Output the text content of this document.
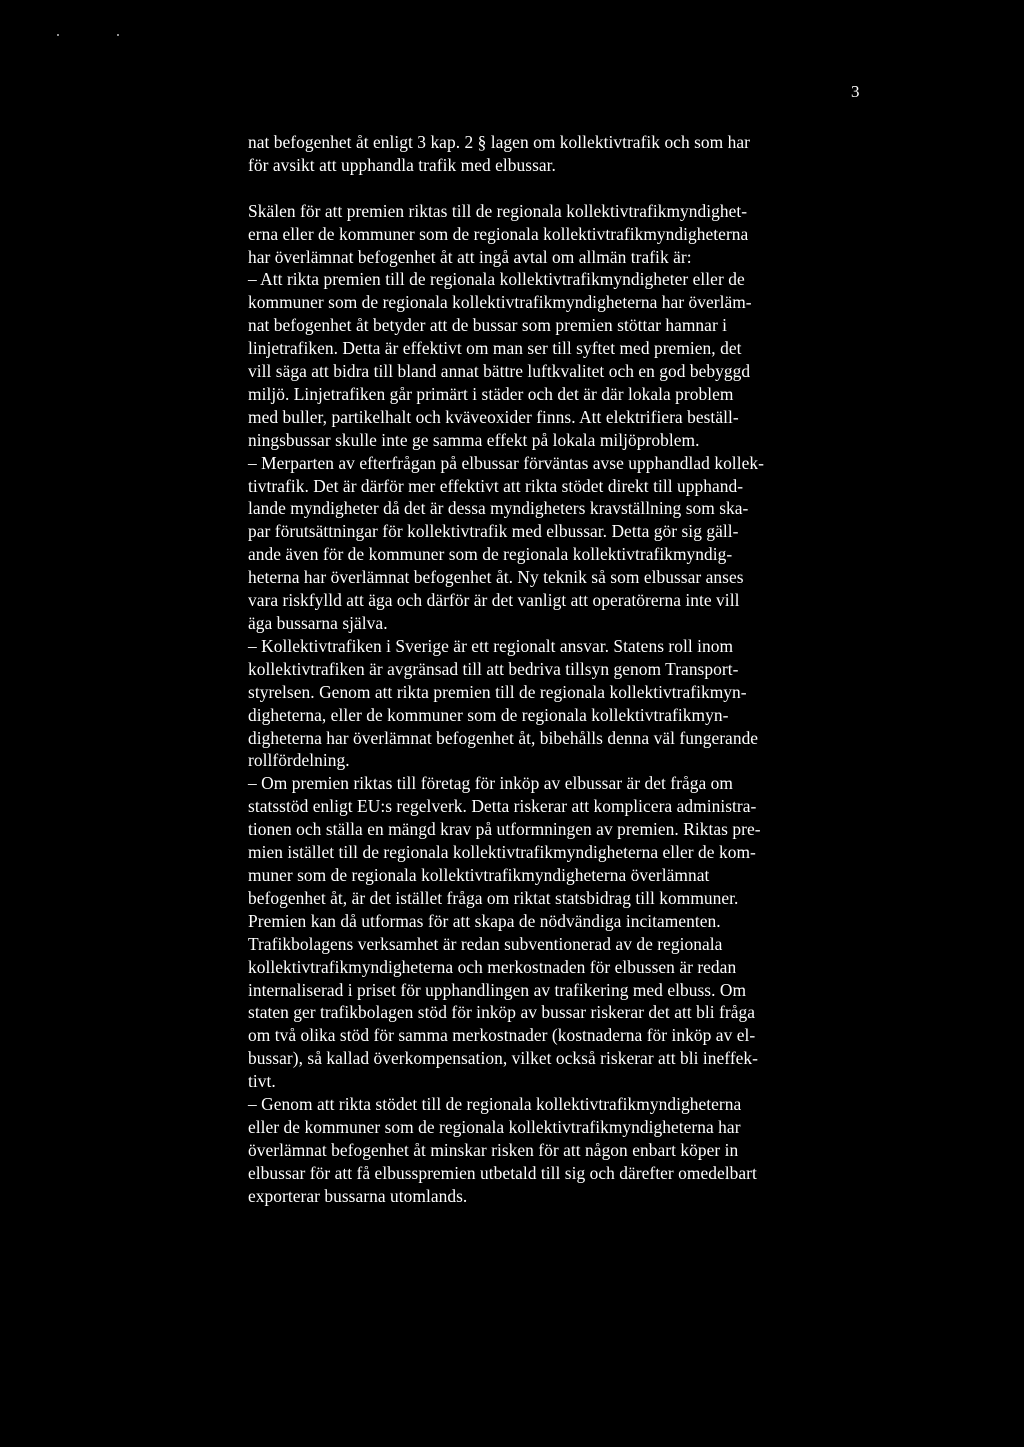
3

nat befogenhet åt enligt 3 kap. 2 § lagen om kollektivtrafik och som har
för avsikt att upphandla trafik med elbussar.

Skälen för att premien riktas till de regionala kollektivtrafikmyndighet-
erna eller de kommuner som de regionala kollektivtrafikmyndigheterna
har överlämnat befogenhet åt att ingå avtal om allmän trafik är:

– Att rikta premien till de regionala kollektivtrafikmyndigheter eller de
kommuner som de regionala kollektivtrafikmyndigheterna har överläm-
nat befogenhet åt betyder att de bussar som premien stöttar hamnar i
linjetrafiken. Detta är effektivt om man ser till syftet med premien, det
vill säga att bidra till bland annat bättre luftkvalitet och en god bebyggd
miljö. Linjetrafiken går primärt i städer och det är där lokala problem
med buller, partikelhalt och kväveoxider finns. Att elektrifiera beställ-
ningsbussar skulle inte ge samma effekt på lokala miljöproblem.

– Merparten av efterfrågan på elbussar förväntas avse upphandlad kollek-
tivtrafik. Det är därför mer effektivt att rikta stödet direkt till upphand-
lande myndigheter då det är dessa myndigheters kravställning som ska-
par förutsättningar för kollektivtrafik med elbussar. Detta gör sig gäll-
ande även för de kommuner som de regionala kollektivtrafikmyndig-
heterna har överlämnat befogenhet åt. Ny teknik så som elbussar anses
vara riskfylld att äga och därför är det vanligt att operatörerna inte vill
äga bussarna själva.

– Kollektivtrafiken i Sverige är ett regionalt ansvar. Statens roll inom
kollektivtrafiken är avgränsad till att bedriva tillsyn genom Transport-
styrelsen. Genom att rikta premien till de regionala kollektivtrafikmyn-
digheterna, eller de kommuner som de regionala kollektivtrafikmyn-
digheterna har överlämnat befogenhet åt, bibehålls denna väl fungerande
rollfördelning.

– Om premien riktas till företag för inköp av elbussar är det fråga om
statsstöd enligt EU:s regelverk. Detta riskerar att komplicera administra-
tionen och ställa en mängd krav på utformningen av premien. Riktas pre-
mien istället till de regionala kollektivtrafikmyndigheterna eller de kom-
muner som de regionala kollektivtrafikmyndigheterna överlämnat
befogenhet åt, är det istället fråga om riktat statsbidrag till kommuner.
Premien kan då utformas för att skapa de nödvändiga incitamenten.
Trafikbolagens verksamhet är redan subventionerad av de regionala
kollektivtrafikmyndigheterna och merkostnaden för elbussen är redan
internaliserad i priset för upphandlingen av trafikering med elbuss. Om
staten ger trafikbolagen stöd för inköp av bussar riskerar det att bli fråga
om två olika stöd för samma merkostnader (kostnaderna för inköp av el-
bussar), så kallad överkompensation, vilket också riskerar att bli ineffek-
tivt.

– Genom att rikta stödet till de regionala kollektivtrafikmyndigheterna
eller de kommuner som de regionala kollektivtrafikmyndigheterna har
överlämnat befogenhet åt minskar risken för att någon enbart köper in
elbussar för att få elbusspremien utbetald till sig och därefter omedelbart
exporterar bussarna utomlands.
